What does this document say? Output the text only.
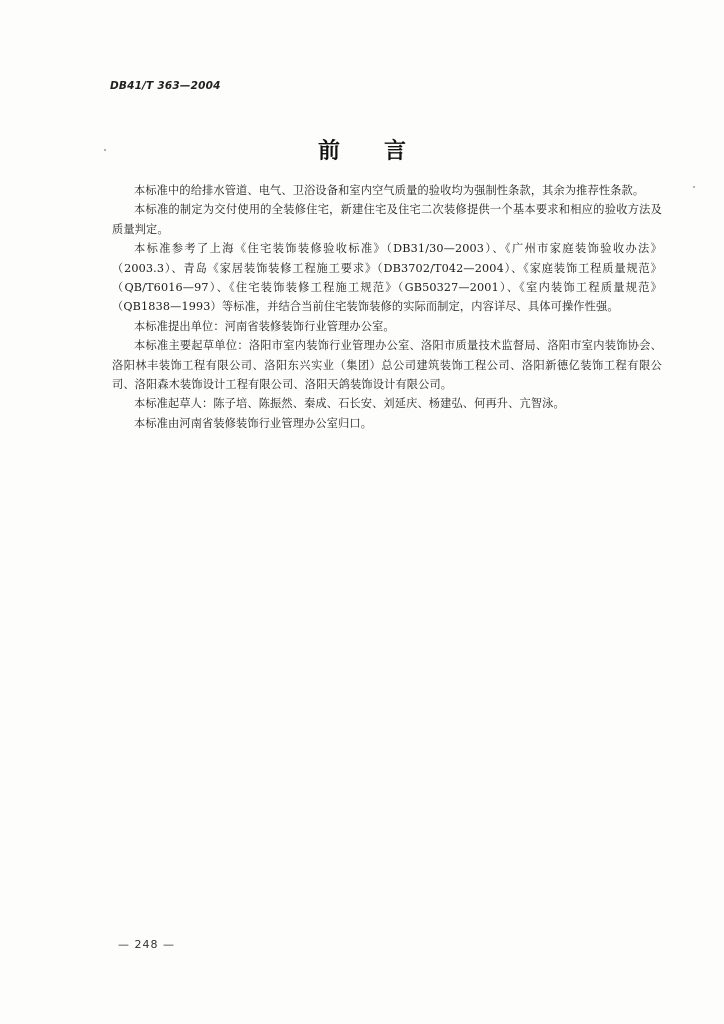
DB41/T 363—2004
前言

本标准中的给排水管道、电气、卫浴设备和室内空气质量的验收均为强制性条款，其余为推荐性条款。

本标准的制定为交付使用的全装修住宅，新建住宅及住宅二次装修提供一个基本要求和相应的验收方法及质量判定。

本标准参考了上海《住宅装饰装修验收标准》（DB31/30—2003）、《广州市家庭装饰验收办法》（2003.3）、青岛《家居装饰装修工程施工要求》（DB3702/T042—2004）、《家庭装饰工程质量规范》（QB/T6016—97）、《住宅装饰装修工程施工规范》（GB50327—2001）、《室内装饰工程质量规范》（QB1838—1993）等标准，并结合当前住宅装饰装修的实际而制定，内容详尽、具体可操作性强。

本标准提出单位：河南省装修装饰行业管理办公室。

本标准主要起草单位：洛阳市室内装饰行业管理办公室、洛阳市质量技术监督局、洛阳市室内装饰协会、洛阳林丰装饰工程有限公司、洛阳东兴实业（集团）总公司建筑装饰工程公司、洛阳新德亿装饰工程有限公司、洛阳森木装饰设计工程有限公司、洛阳天鸽装饰设计有限公司。

本标准起草人：陈子培、陈振然、秦成、石长安、刘延庆、杨建弘、何再升、亢智泳。

本标准由河南省装修装饰行业管理办公室归口。

— 248 —
